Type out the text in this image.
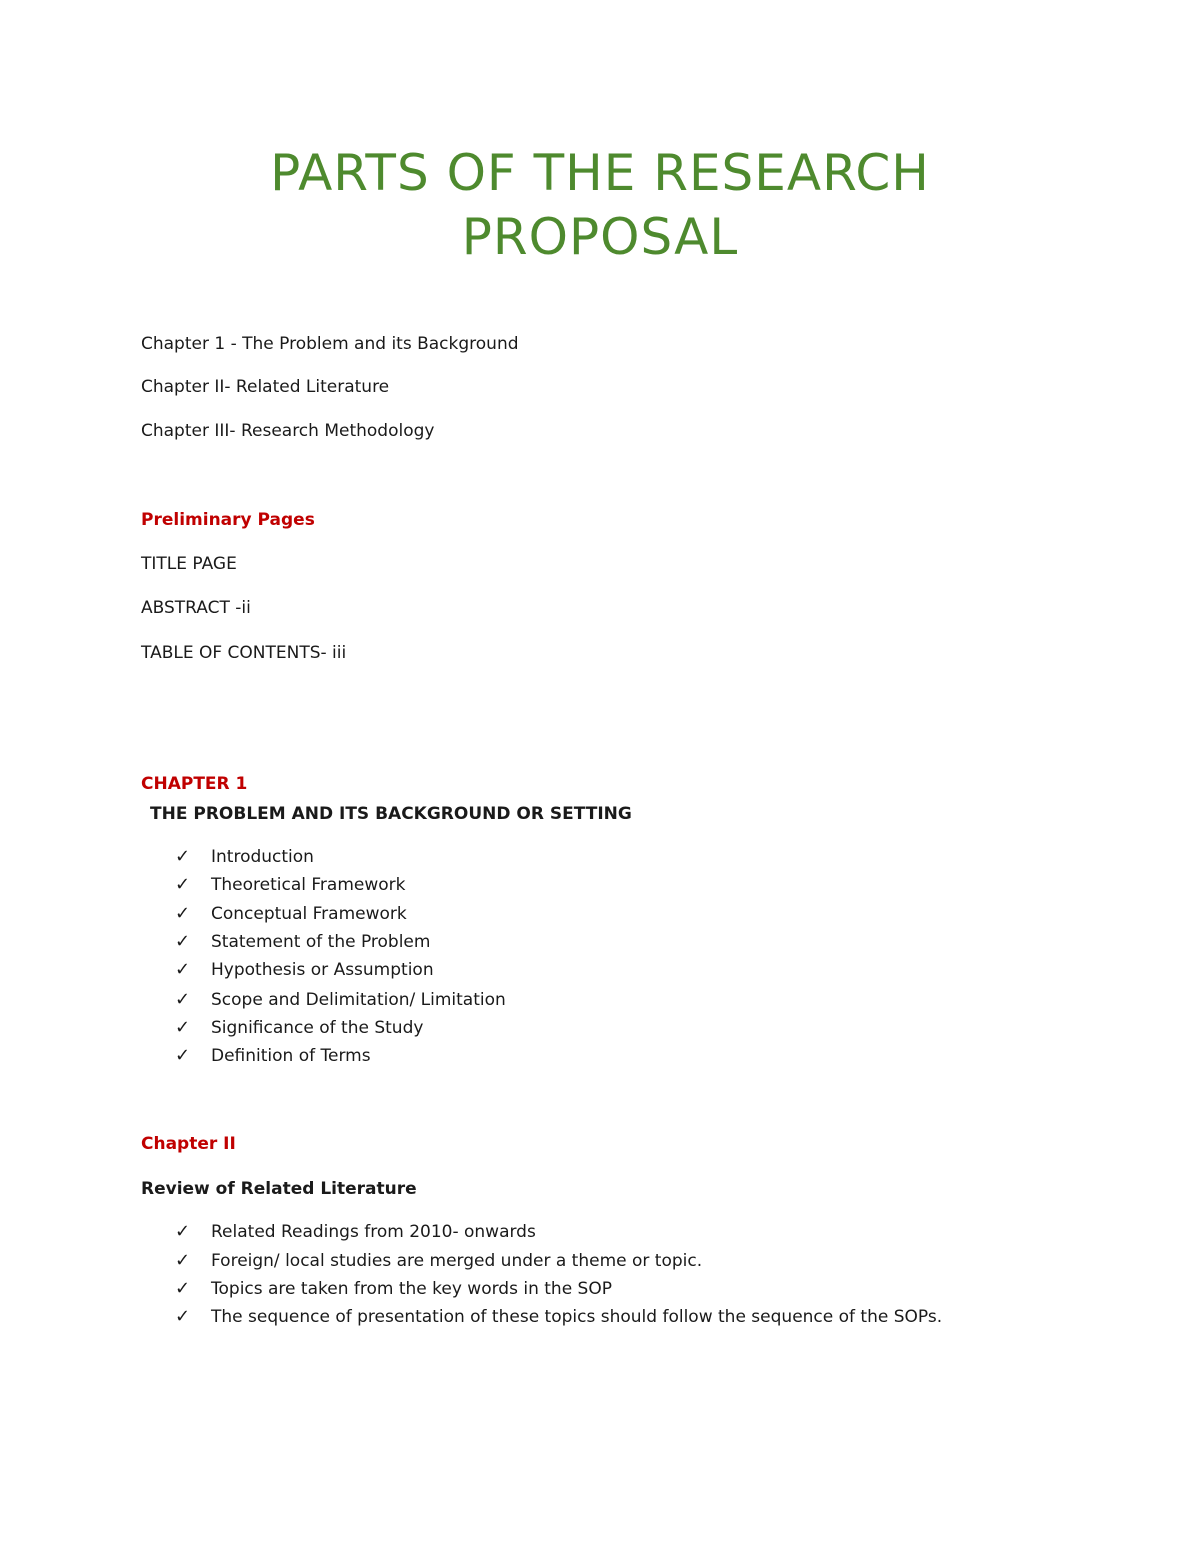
PARTS OF THE RESEARCH
PROPOSAL
Chapter 1 - The Problem and its Background
Chapter II- Related Literature
Chapter III- Research Methodology
Preliminary Pages
TITLE PAGE
ABSTRACT -ii
TABLE OF CONTENTS- iii
CHAPTER 1
THE PROBLEM AND ITS BACKGROUND OR SETTING
✓ Introduction
✓ Theoretical Framework
✓ Conceptual Framework
✓ Statement of the Problem
✓ Hypothesis or Assumption
✓ Scope and Delimitation/ Limitation
✓ Significance of the Study
✓ Definition of Terms
Chapter II
Review of Related Literature
✓ Related Readings from 2010- onwards
✓ Foreign/ local studies are merged under a theme or topic.
✓ Topics are taken from the key words in the SOP
✓ The sequence of presentation of these topics should follow the sequence of the SOPs.
